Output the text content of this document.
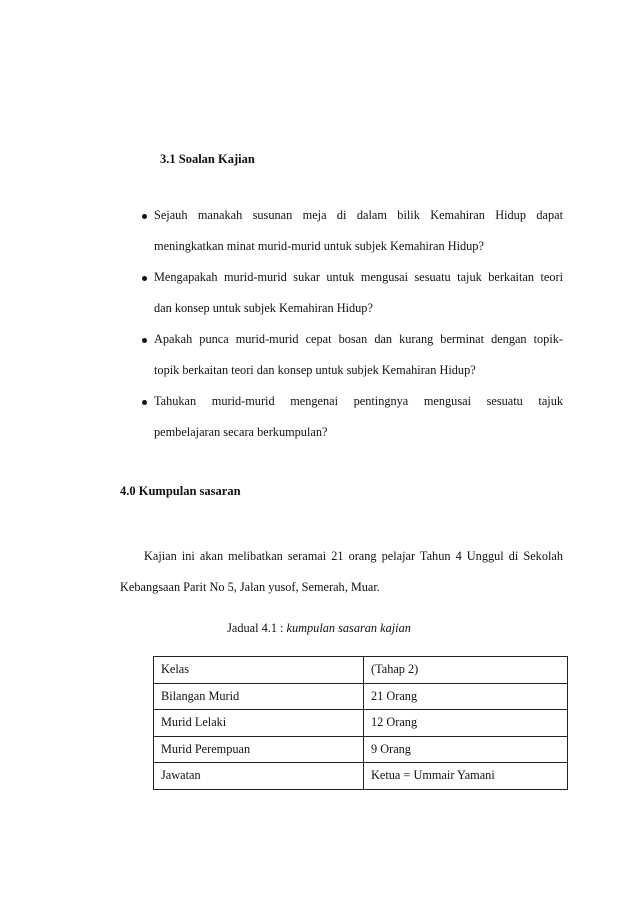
3.1 Soalan Kajian
Sejauh manakah susunan meja di dalam bilik Kemahiran Hidup dapat
meningkatkan minat murid-murid untuk subjek Kemahiran Hidup?
Mengapakah murid-murid sukar untuk mengusai sesuatu tajuk berkaitan teori
dan konsep untuk subjek Kemahiran Hidup?
Apakah punca murid-murid cepat bosan dan kurang berminat dengan topik-
topik berkaitan teori dan konsep untuk subjek Kemahiran Hidup?
Tahukan murid-murid mengenai pentingnya mengusai sesuatu tajuk
pembelajaran secara berkumpulan?
4.0 Kumpulan sasaran
Kajian ini akan melibatkan seramai 21 orang pelajar Tahun 4 Unggul di Sekolah
Kebangsaan Parit No 5, Jalan yusof, Semerah, Muar.
Jadual 4.1 : kumpulan sasaran kajian
Kelas	(Tahap 2)
Bilangan Murid	21 Orang
Murid Lelaki	12 Orang
Murid Perempuan	9 Orang
Jawatan	Ketua = Ummair Yamani
